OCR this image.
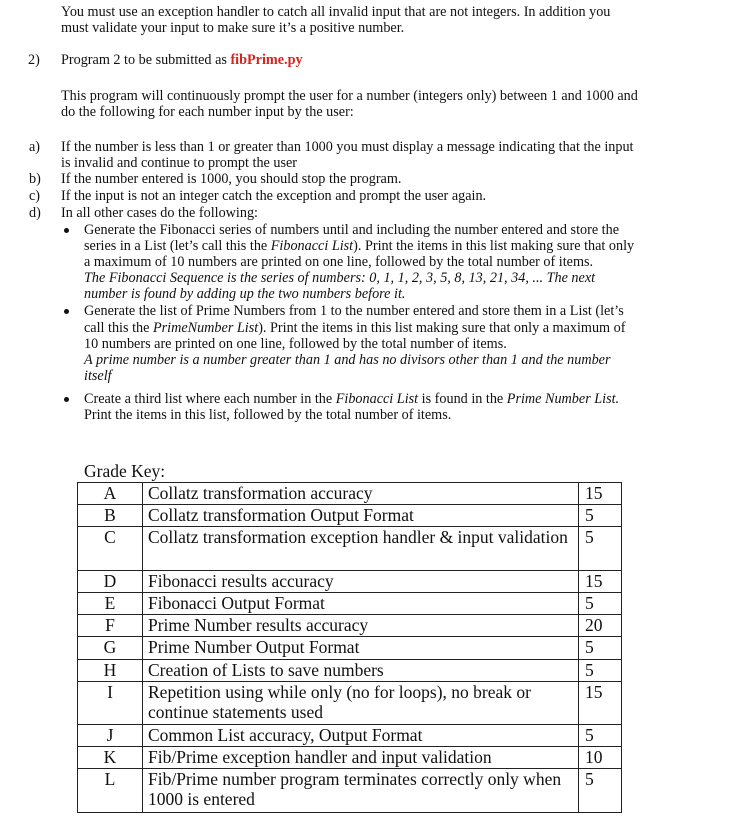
You must use an exception handler to catch all invalid input that are not integers. In addition you
must validate your input to make sure it’s a positive number.
2) Program 2 to be submitted as fibPrime.py
This program will continuously prompt the user for a number (integers only) between 1 and 1000 and
do the following for each number input by the user:
a) If the number is less than 1 or greater than 1000 you must display a message indicating that the input
is invalid and continue to prompt the user
b) If the number entered is 1000, you should stop the program.
c) If the input is not an integer catch the exception and prompt the user again.
d) In all other cases do the following:
Generate the Fibonacci series of numbers until and including the number entered and store the
series in a List (let’s call this the Fibonacci List). Print the items in this list making sure that only
a maximum of 10 numbers are printed on one line, followed by the total number of items.
The Fibonacci Sequence is the series of numbers: 0, 1, 1, 2, 3, 5, 8, 13, 21, 34, ... The next
number is found by adding up the two numbers before it.
Generate the list of Prime Numbers from 1 to the number entered and store them in a List (let’s
call this the PrimeNumber List). Print the items in this list making sure that only a maximum of
10 numbers are printed on one line, followed by the total number of items.
A prime number is a number greater than 1 and has no divisors other than 1 and the number
itself
Create a third list where each number in the Fibonacci List is found in the Prime Number List.
Print the items in this list, followed by the total number of items.
Grade Key:
A	Collatz transformation accuracy	15
B	Collatz transformation Output Format	5
C	Collatz transformation exception handler & input validation	5
D	Fibonacci results accuracy	15
E	Fibonacci Output Format	5
F	Prime Number results accuracy	20
G	Prime Number Output Format	5
H	Creation of Lists to save numbers	5
I	Repetition using while only (no for loops), no break or continue statements used	15
J	Common List accuracy, Output Format	5
K	Fib/Prime exception handler and input validation	10
L	Fib/Prime number program terminates correctly only when 1000 is entered	5
